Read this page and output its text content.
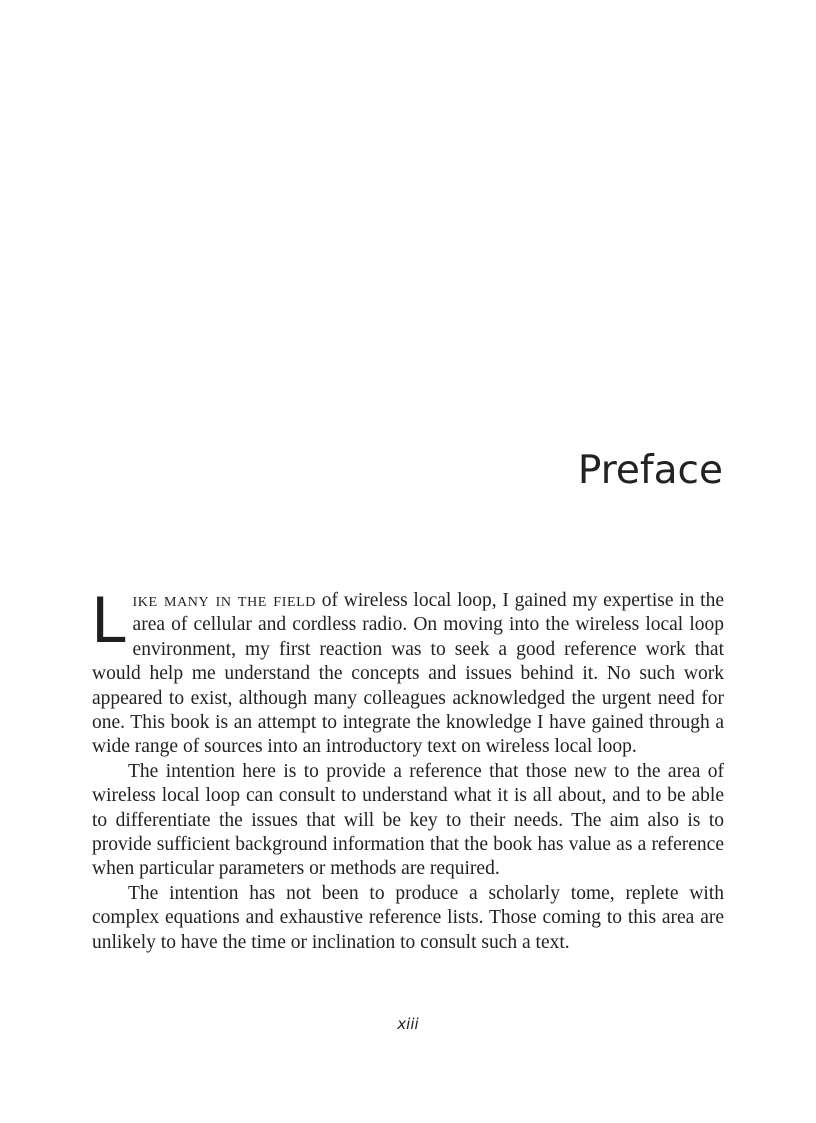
Preface

Like many in the field of wireless local loop, I gained my expertise in the area of cellular and cordless radio. On moving into the wireless local loop environment, my first reaction was to seek a good reference work that would help me understand the concepts and issues behind it. No such work appeared to exist, although many colleagues acknowledged the urgent need for one. This book is an attempt to integrate the knowledge I have gained through a wide range of sources into an introductory text on wireless local loop.

The intention here is to provide a reference that those new to the area of wireless local loop can consult to understand what it is all about, and to be able to differentiate the issues that will be key to their needs. The aim also is to provide sufficient background information that the book has value as a reference when particular parameters or methods are required.

The intention has not been to produce a scholarly tome, replete with complex equations and exhaustive reference lists. Those coming to this area are unlikely to have the time or inclination to consult such a text.

xiii
